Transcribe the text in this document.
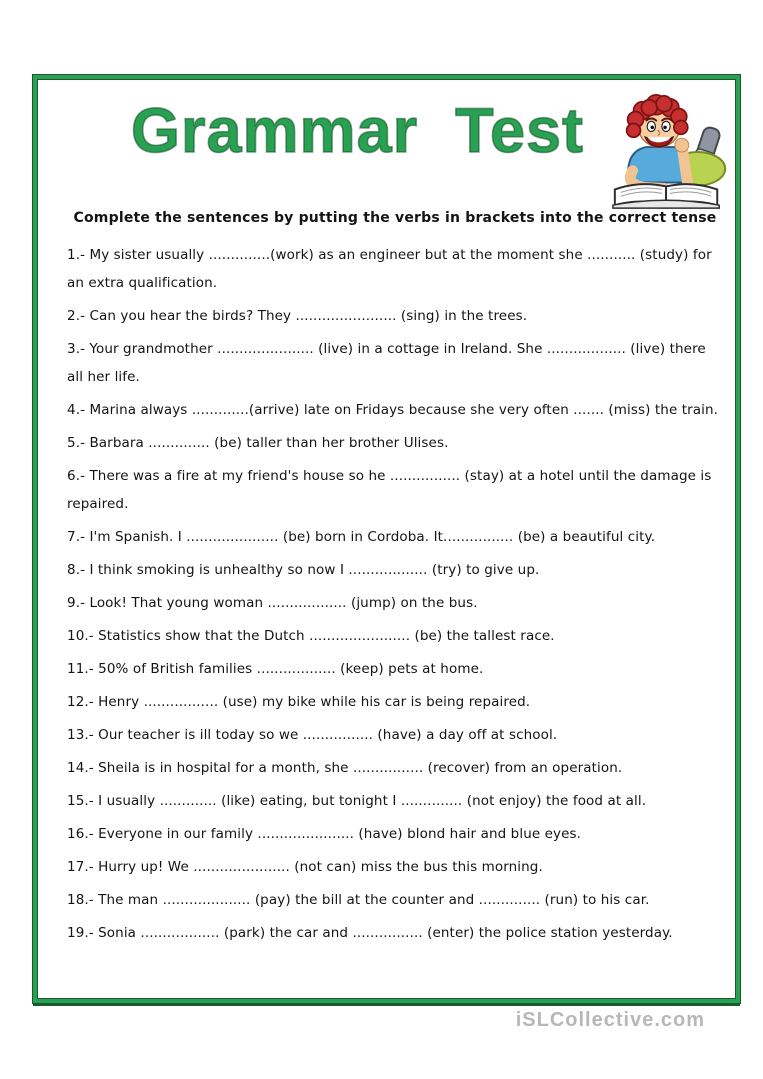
Grammar  Test
Complete the sentences by putting the verbs in brackets into the correct tense

1.- My sister usually ..............(work) as an engineer but at the moment she ........... (study) for an extra qualification.

2.- Can you hear the birds? They ....................... (sing) in the trees.

3.- Your grandmother ...................... (live) in a cottage in Ireland. She .................. (live) there all her life.

4.- Marina always .............(arrive) late on Fridays because she very often ....... (miss) the train.

5.- Barbara .............. (be) taller than her brother Ulises.

6.- There was a fire at my friend's house so he ................ (stay) at a hotel until the damage is repaired.

7.- I'm Spanish. I ..................... (be) born in Cordoba. It................ (be) a beautiful city.

8.- I think smoking is unhealthy so now I .................. (try) to give up.

9.- Look! That young woman .................. (jump) on the bus.

10.- Statistics show that the Dutch ....................... (be) the tallest race.

11.- 50% of British families .................. (keep) pets at home.

12.- Henry ................. (use) my bike while his car is being repaired.

13.- Our teacher is ill today so we ................ (have) a day off at school.

14.- Sheila is in hospital for a month, she ................ (recover) from an operation.

15.- I usually ............. (like) eating, but tonight I .............. (not enjoy) the food at all.

16.- Everyone in our family ...................... (have) blond hair and blue eyes.

17.- Hurry up! We ...................... (not can) miss the bus this morning.

18.- The man .................... (pay) the bill at the counter and .............. (run) to his car.

19.- Sonia .................. (park) the car and ................ (enter) the police station yesterday.

iSLCollective.com
